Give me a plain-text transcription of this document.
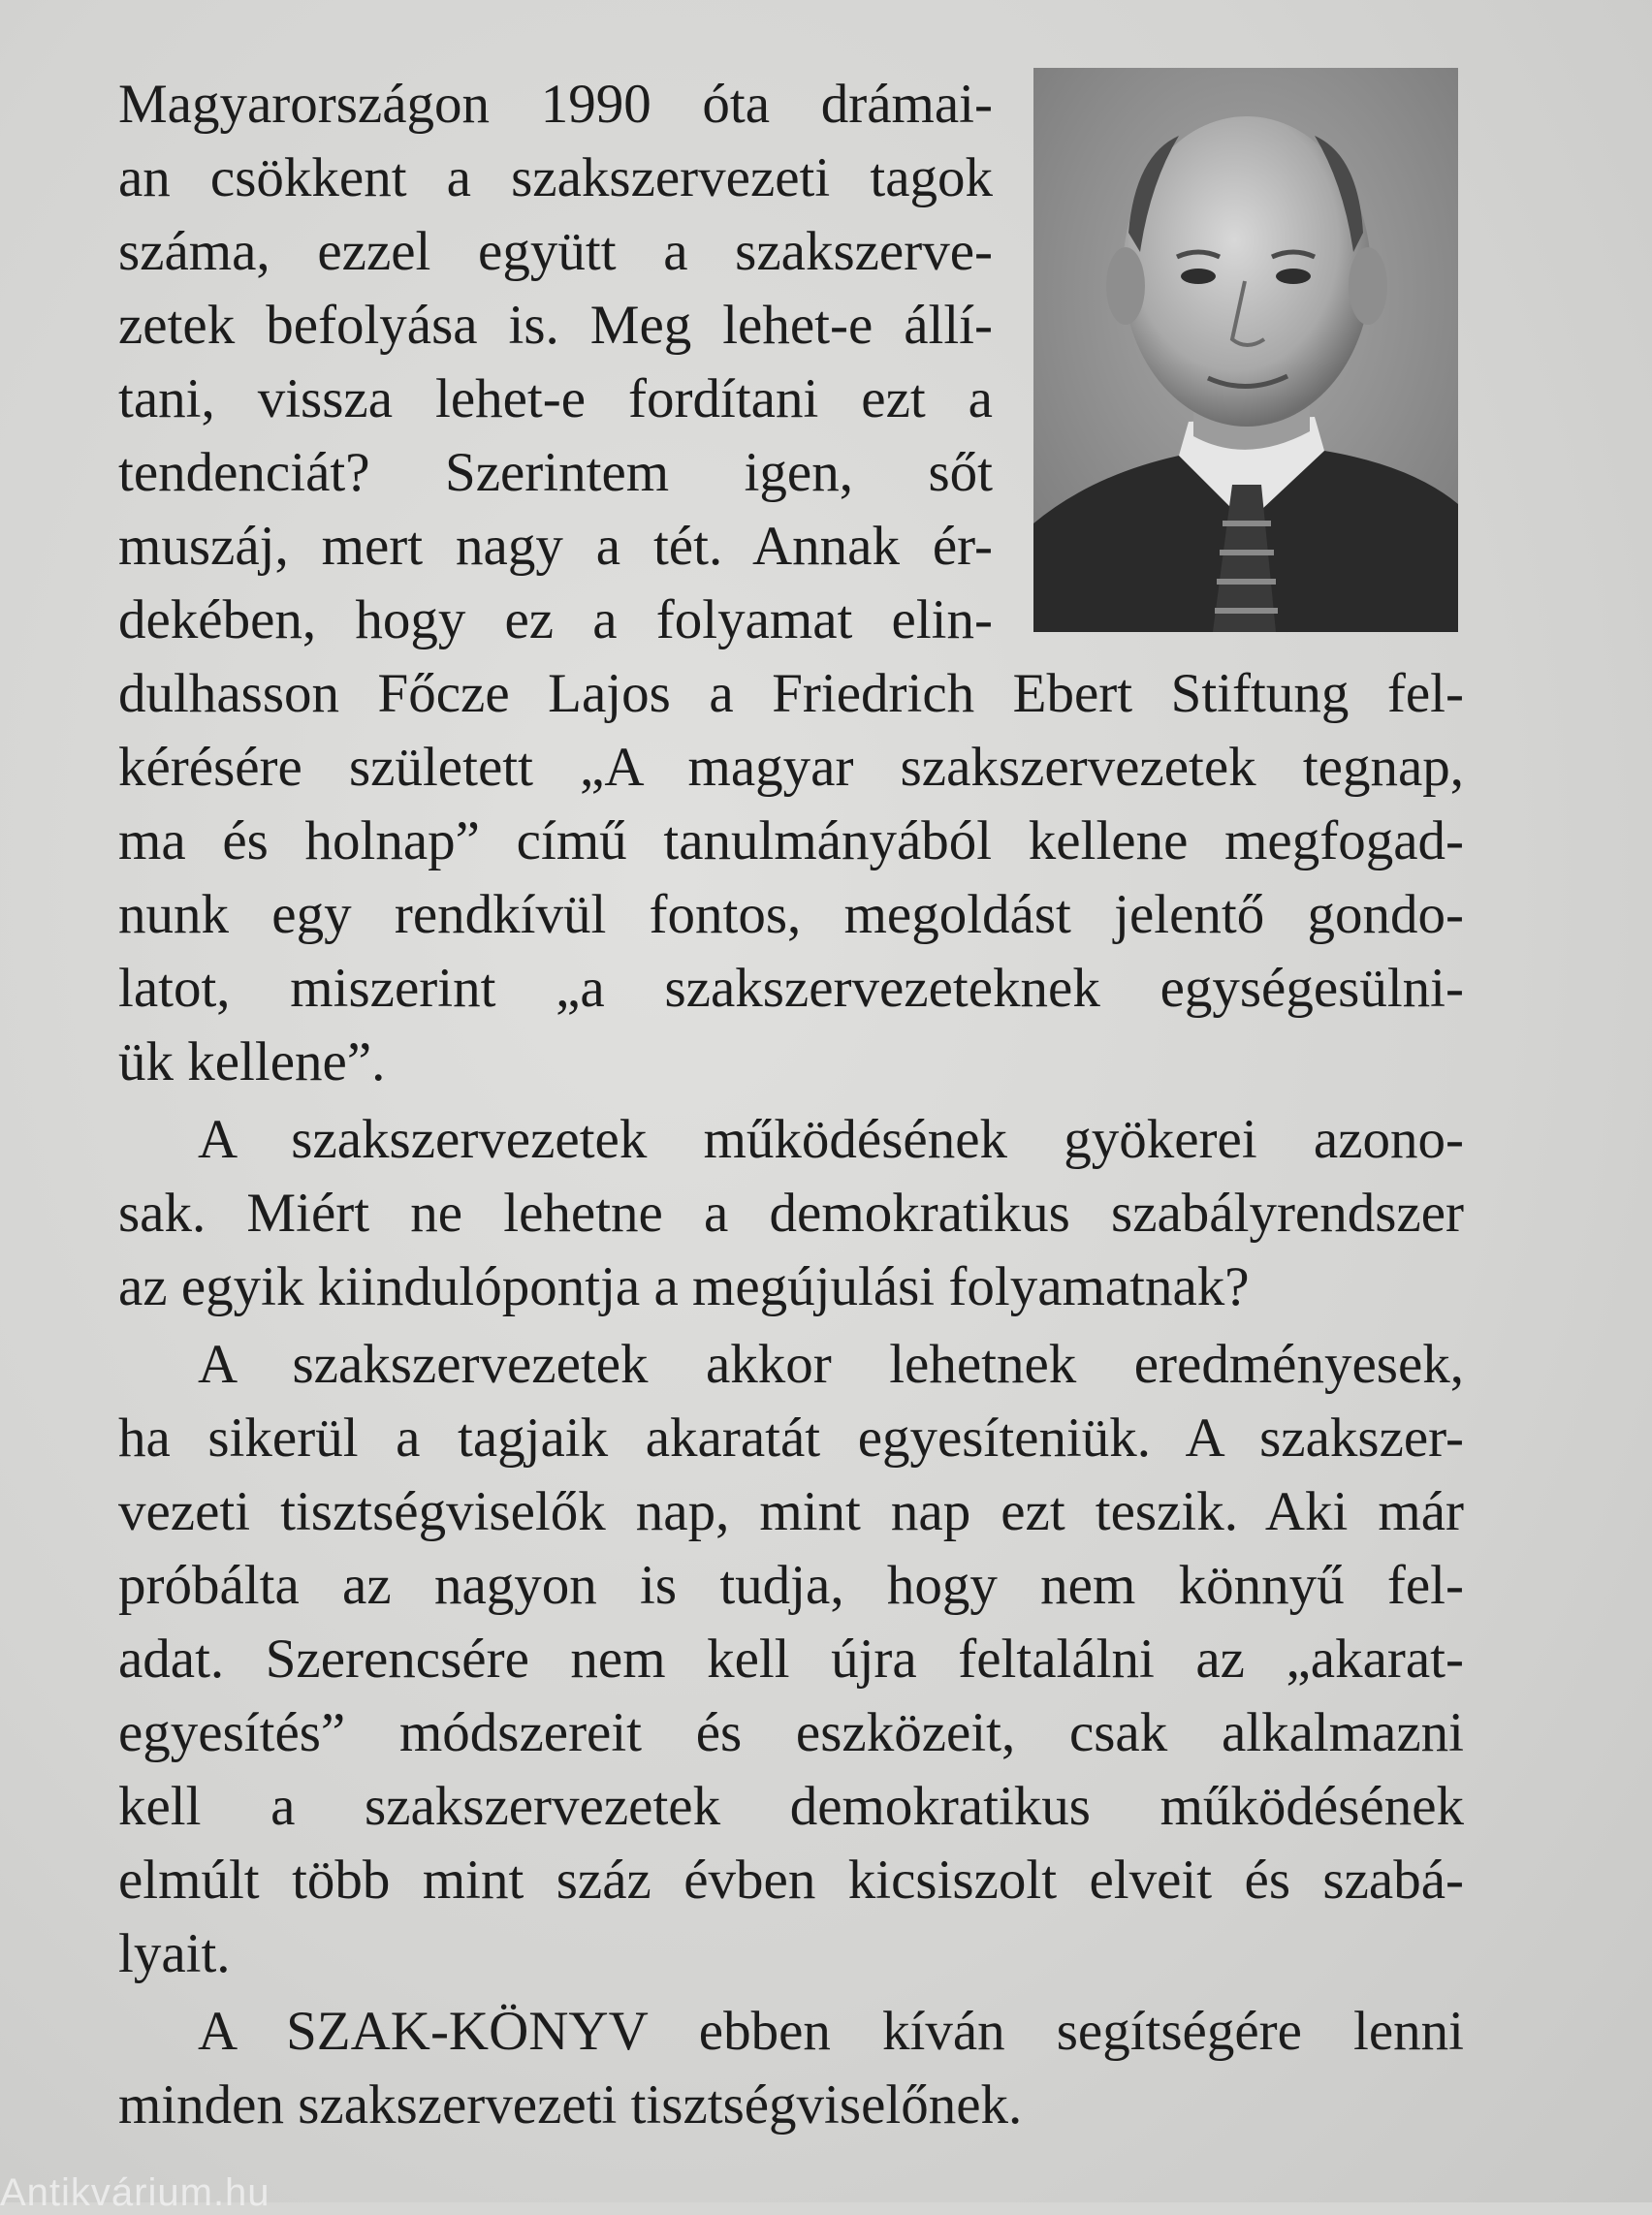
Magyarországon 1990 óta drámai-
an csökkent a szakszervezeti tagok
száma, ezzel együtt a szakszerve-
zetek befolyása is. Meg lehet-e állí-
tani, vissza lehet-e fordítani ezt a
tendenciát? Szerintem igen, sőt
muszáj, mert nagy a tét. Annak ér-
dekében, hogy ez a folyamat elin-
dulhasson Főcze Lajos a Friedrich Ebert Stiftung fel-
kérésére született „A magyar szakszervezetek tegnap,
ma és holnap” című tanulmányából kellene megfogad-
nunk egy rendkívül fontos, megoldást jelentő gondo-
latot, miszerint „a szakszervezeteknek egységesülni-
ük kellene”.
A szakszervezetek működésének gyökerei azono-
sak. Miért ne lehetne a demokratikus szabályrendszer
az egyik kiindulópontja a megújulási folyamatnak?
A szakszervezetek akkor lehetnek eredményesek,
ha sikerül a tagjaik akaratát egyesíteniük. A szakszer-
vezeti tisztségviselők nap, mint nap ezt teszik. Aki már
próbálta az nagyon is tudja, hogy nem könnyű fel-
adat. Szerencsére nem kell újra feltalálni az „akarat-
egyesítés” módszereit és eszközeit, csak alkalmazni
kell a szakszervezetek demokratikus működésének
elmúlt több mint száz évben kicsiszolt elveit és szabá-
lyait.
A SZAK-KÖNYV ebben kíván segítségére lenni
minden szakszervezeti tisztségviselőnek.
Antikvárium.hu
